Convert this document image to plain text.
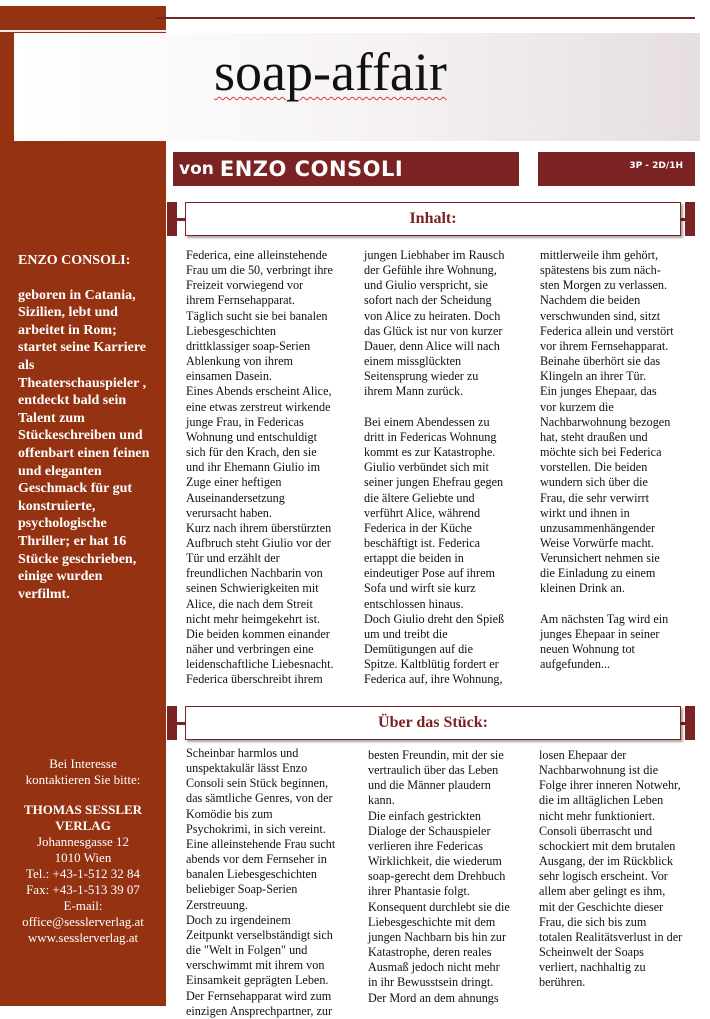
ENZO CONSOLI:
geboren in Catania, Sizilien, lebt und arbeitet in Rom; startet seine Karriere als Theaterschauspieler , entdeckt bald sein Talent zum Stückeschreiben und offenbart einen feinen und eleganten Geschmack für gut konstruierte, psychologische Thriller; er hat 16 Stücke geschrieben, einige wurden verfilmt.
Bei Interesse
kontaktieren Sie bitte:
THOMAS SESSLER
VERLAG
Johannesgasse 12
1010 Wien
Tel.: +43-1-512 32 84
Fax: +43-1-513 39 07
E-mail:
office@sesslerverlag.at
www.sesslerverlag.at
soap-affair
von ENZO CONSOLI	3P - 2D/1H
Inhalt:
Federica, eine alleinstehende
Frau um die 50, verbringt ihre
Freizeit vorwiegend vor
ihrem Fernsehapparat.
Täglich sucht sie bei banalen
Liebesgeschichten
drittklassiger soap-Serien
Ablenkung von ihrem
einsamen Dasein.
Eines Abends erscheint Alice,
eine etwas zerstreut wirkende
junge Frau, in Federicas
Wohnung und entschuldigt
sich für den Krach, den sie
und ihr Ehemann Giulio im
Zuge einer heftigen
Auseinandersetzung
verursacht haben.
Kurz nach ihrem überstürzten
Aufbruch steht Giulio vor der
Tür und erzählt der
freundlichen Nachbarin von
seinen Schwierigkeiten mit
Alice, die nach dem Streit
nicht mehr heimgekehrt ist.
Die beiden kommen einander
näher und verbringen eine
leidenschaftliche Liebesnacht.
Federica überschreibt ihrem
jungen Liebhaber im Rausch
der Gefühle ihre Wohnung,
und Giulio verspricht, sie
sofort nach der Scheidung
von Alice zu heiraten. Doch
das Glück ist nur von kurzer
Dauer, denn Alice will nach
einem missglückten
Seitensprung wieder zu
ihrem Mann zurück.

Bei einem Abendessen zu
dritt in Federicas Wohnung
kommt es zur Katastrophe.
Giulio verbündet sich mit
seiner jungen Ehefrau gegen
die ältere Geliebte und
verführt Alice, während
Federica in der Küche
beschäftigt ist. Federica
ertappt die beiden in
eindeutiger Pose auf ihrem
Sofa und wirft sie kurz
entschlossen hinaus.
Doch Giulio dreht den Spieß
um und treibt die
Demütigungen auf die
Spitze. Kaltblütig fordert er
Federica auf, ihre Wohnung,
mittlerweile ihm gehört,
spätestens bis zum näch-
sten Morgen zu verlassen.
Nachdem die beiden
verschwunden sind, sitzt
Federica allein und verstört
vor ihrem Fernsehapparat.
Beinahe überhört sie das
Klingeln an ihrer Tür.
Ein junges Ehepaar, das
vor kurzem die
Nachbarwohnung bezogen
hat, steht draußen und
möchte sich bei Federica
vorstellen. Die beiden
wundern sich über die
Frau, die sehr verwirrt
wirkt und ihnen in
unzusammenhängender
Weise Vorwürfe macht.
Verunsichert nehmen sie
die Einladung zu einem
kleinen Drink an.

Am nächsten Tag wird ein
junges Ehepaar in seiner
neuen Wohnung tot
aufgefunden...
Über das Stück:
Scheinbar harmlos und
unspektakulär lässt Enzo
Consoli sein Stück beginnen,
das sämtliche Genres, von der
Komödie bis zum
Psychokrimi, in sich vereint.
Eine alleinstehende Frau sucht
abends vor dem Fernseher in
banalen Liebesgeschichten
beliebiger Soap-Serien
Zerstreuung.
Doch zu irgendeinem
Zeitpunkt verselbständigt sich
die "Welt in Folgen" und
verschwimmt mit ihrem von
Einsamkeit geprägten Leben.
Der Fernsehapparat wird zum
einzigen Ansprechpartner, zur
besten Freundin, mit der sie
vertraulich über das Leben
und die Männer plaudern
kann.
Die einfach gestrickten
Dialoge der Schauspieler
verlieren ihre Federicas
Wirklichkeit, die wiederum
soap-gerecht dem Drehbuch
ihrer Phantasie folgt.
Konsequent durchlebt sie die
Liebesgeschichte mit dem
jungen Nachbarn bis hin zur
Katastrophe, deren reales
Ausmaß jedoch nicht mehr
in ihr Bewusstsein dringt.
Der Mord an dem ahnungs
losen Ehepaar der
Nachbarwohnung ist die
Folge ihrer inneren Notwehr,
die im alltäglichen Leben
nicht mehr funktioniert.
Consoli überrascht und
schockiert mit dem brutalen
Ausgang, der im Rückblick
sehr logisch erscheint. Vor
allem aber gelingt es ihm,
mit der Geschichte dieser
Frau, die sich bis zum
totalen Realitätsverlust in der
Scheinwelt der Soaps
verliert, nachhaltig zu
berühren.
